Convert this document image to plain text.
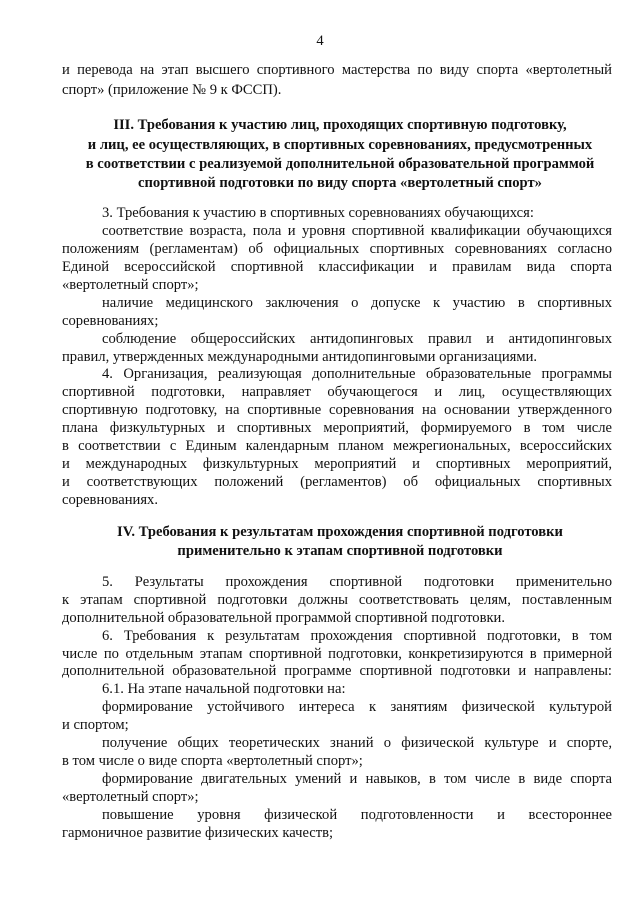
4
и перевода на этап высшего спортивного мастерства по виду спорта «вертолетный
спорт» (приложение № 9 к ФССП).
III. Требования к участию лиц, проходящих спортивную подготовку,
и лиц, ее осуществляющих, в спортивных соревнованиях, предусмотренных
в соответствии с реализуемой дополнительной образовательной программой
спортивной подготовки по виду спорта «вертолетный спорт»
3. Требования к участию в спортивных соревнованиях обучающихся:
соответствие возраста, пола и уровня спортивной квалификации обучающихся
положениям (регламентам) об официальных спортивных соревнованиях согласно
Единой всероссийской спортивной классификации и правилам вида спорта
«вертолетный спорт»;
наличие медицинского заключения о допуске к участию в спортивных
соревнованиях;
соблюдение общероссийских антидопинговых правил и антидопинговых
правил, утвержденных международными антидопинговыми организациями.
4. Организация, реализующая дополнительные образовательные программы
спортивной подготовки, направляет обучающегося и лиц, осуществляющих
спортивную подготовку, на спортивные соревнования на основании утвержденного
плана физкультурных и спортивных мероприятий, формируемого в том числе
в соответствии с Единым календарным планом межрегиональных, всероссийских
и международных физкультурных мероприятий и спортивных мероприятий,
и соответствующих положений (регламентов) об официальных спортивных
соревнованиях.
IV. Требования к результатам прохождения спортивной подготовки
применительно к этапам спортивной подготовки
5. Результаты прохождения спортивной подготовки применительно
к этапам спортивной подготовки должны соответствовать целям, поставленным
дополнительной образовательной программой спортивной подготовки.
6. Требования к результатам прохождения спортивной подготовки, в том
числе по отдельным этапам спортивной подготовки, конкретизируются в примерной
дополнительной образовательной программе спортивной подготовки и направлены:
6.1. На этапе начальной подготовки на:
формирование устойчивого интереса к занятиям физической культурой
и спортом;
получение общих теоретических знаний о физической культуре и спорте,
в том числе о виде спорта «вертолетный спорт»;
формирование двигательных умений и навыков, в том числе в виде спорта
«вертолетный спорт»;
повышение уровня физической подготовленности и всестороннее
гармоничное развитие физических качеств;
